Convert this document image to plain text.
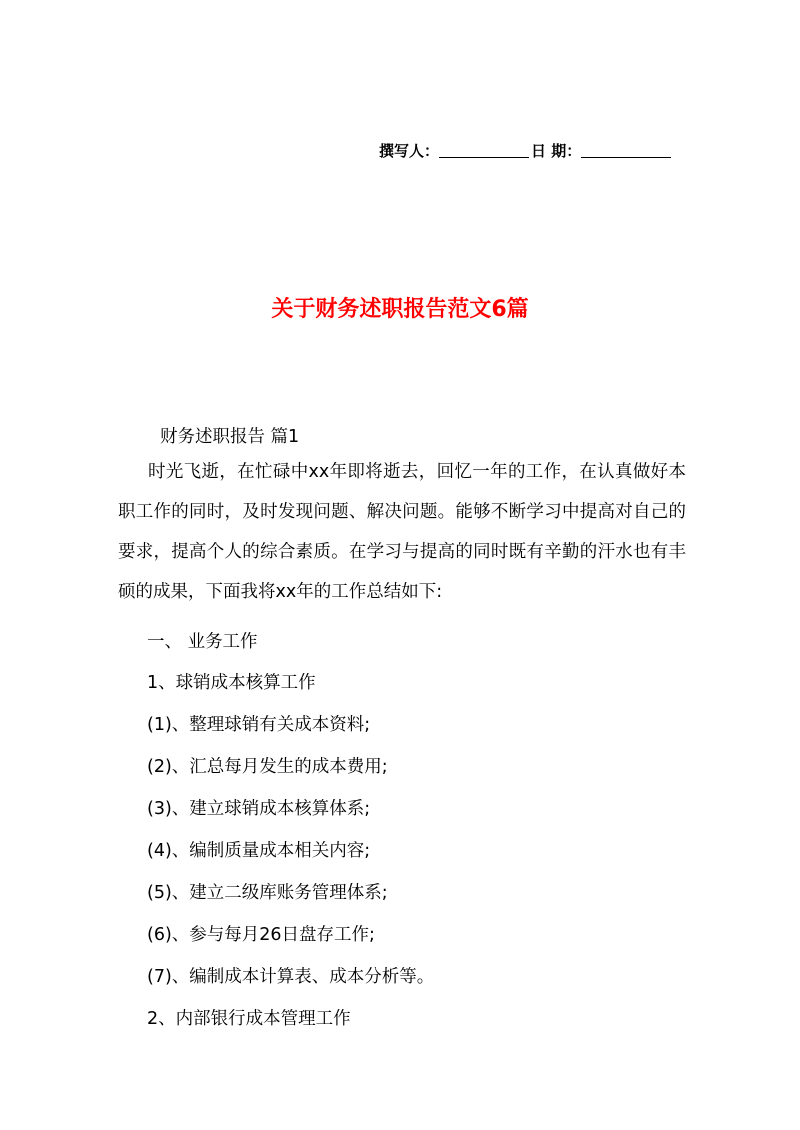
撰写人：	日 期：
关于财务述职报告范文6篇
财务述职报告 篇1
时光飞逝，在忙碌中xx年即将逝去，回忆一年的工作，在认真做好本职工作的同时，及时发现问题、解决问题。能够不断学习中提高对自己的要求，提高个人的综合素质。在学习与提高的同时既有辛勤的汗水也有丰硕的成果，下面我将xx年的工作总结如下:
一、 业务工作
1、球销成本核算工作
(1)、整理球销有关成本资料;
(2)、汇总每月发生的成本费用;
(3)、建立球销成本核算体系;
(4)、编制质量成本相关内容;
(5)、建立二级库账务管理体系;
(6)、参与每月26日盘存工作;
(7)、编制成本计算表、成本分析等。
2、内部银行成本管理工作
